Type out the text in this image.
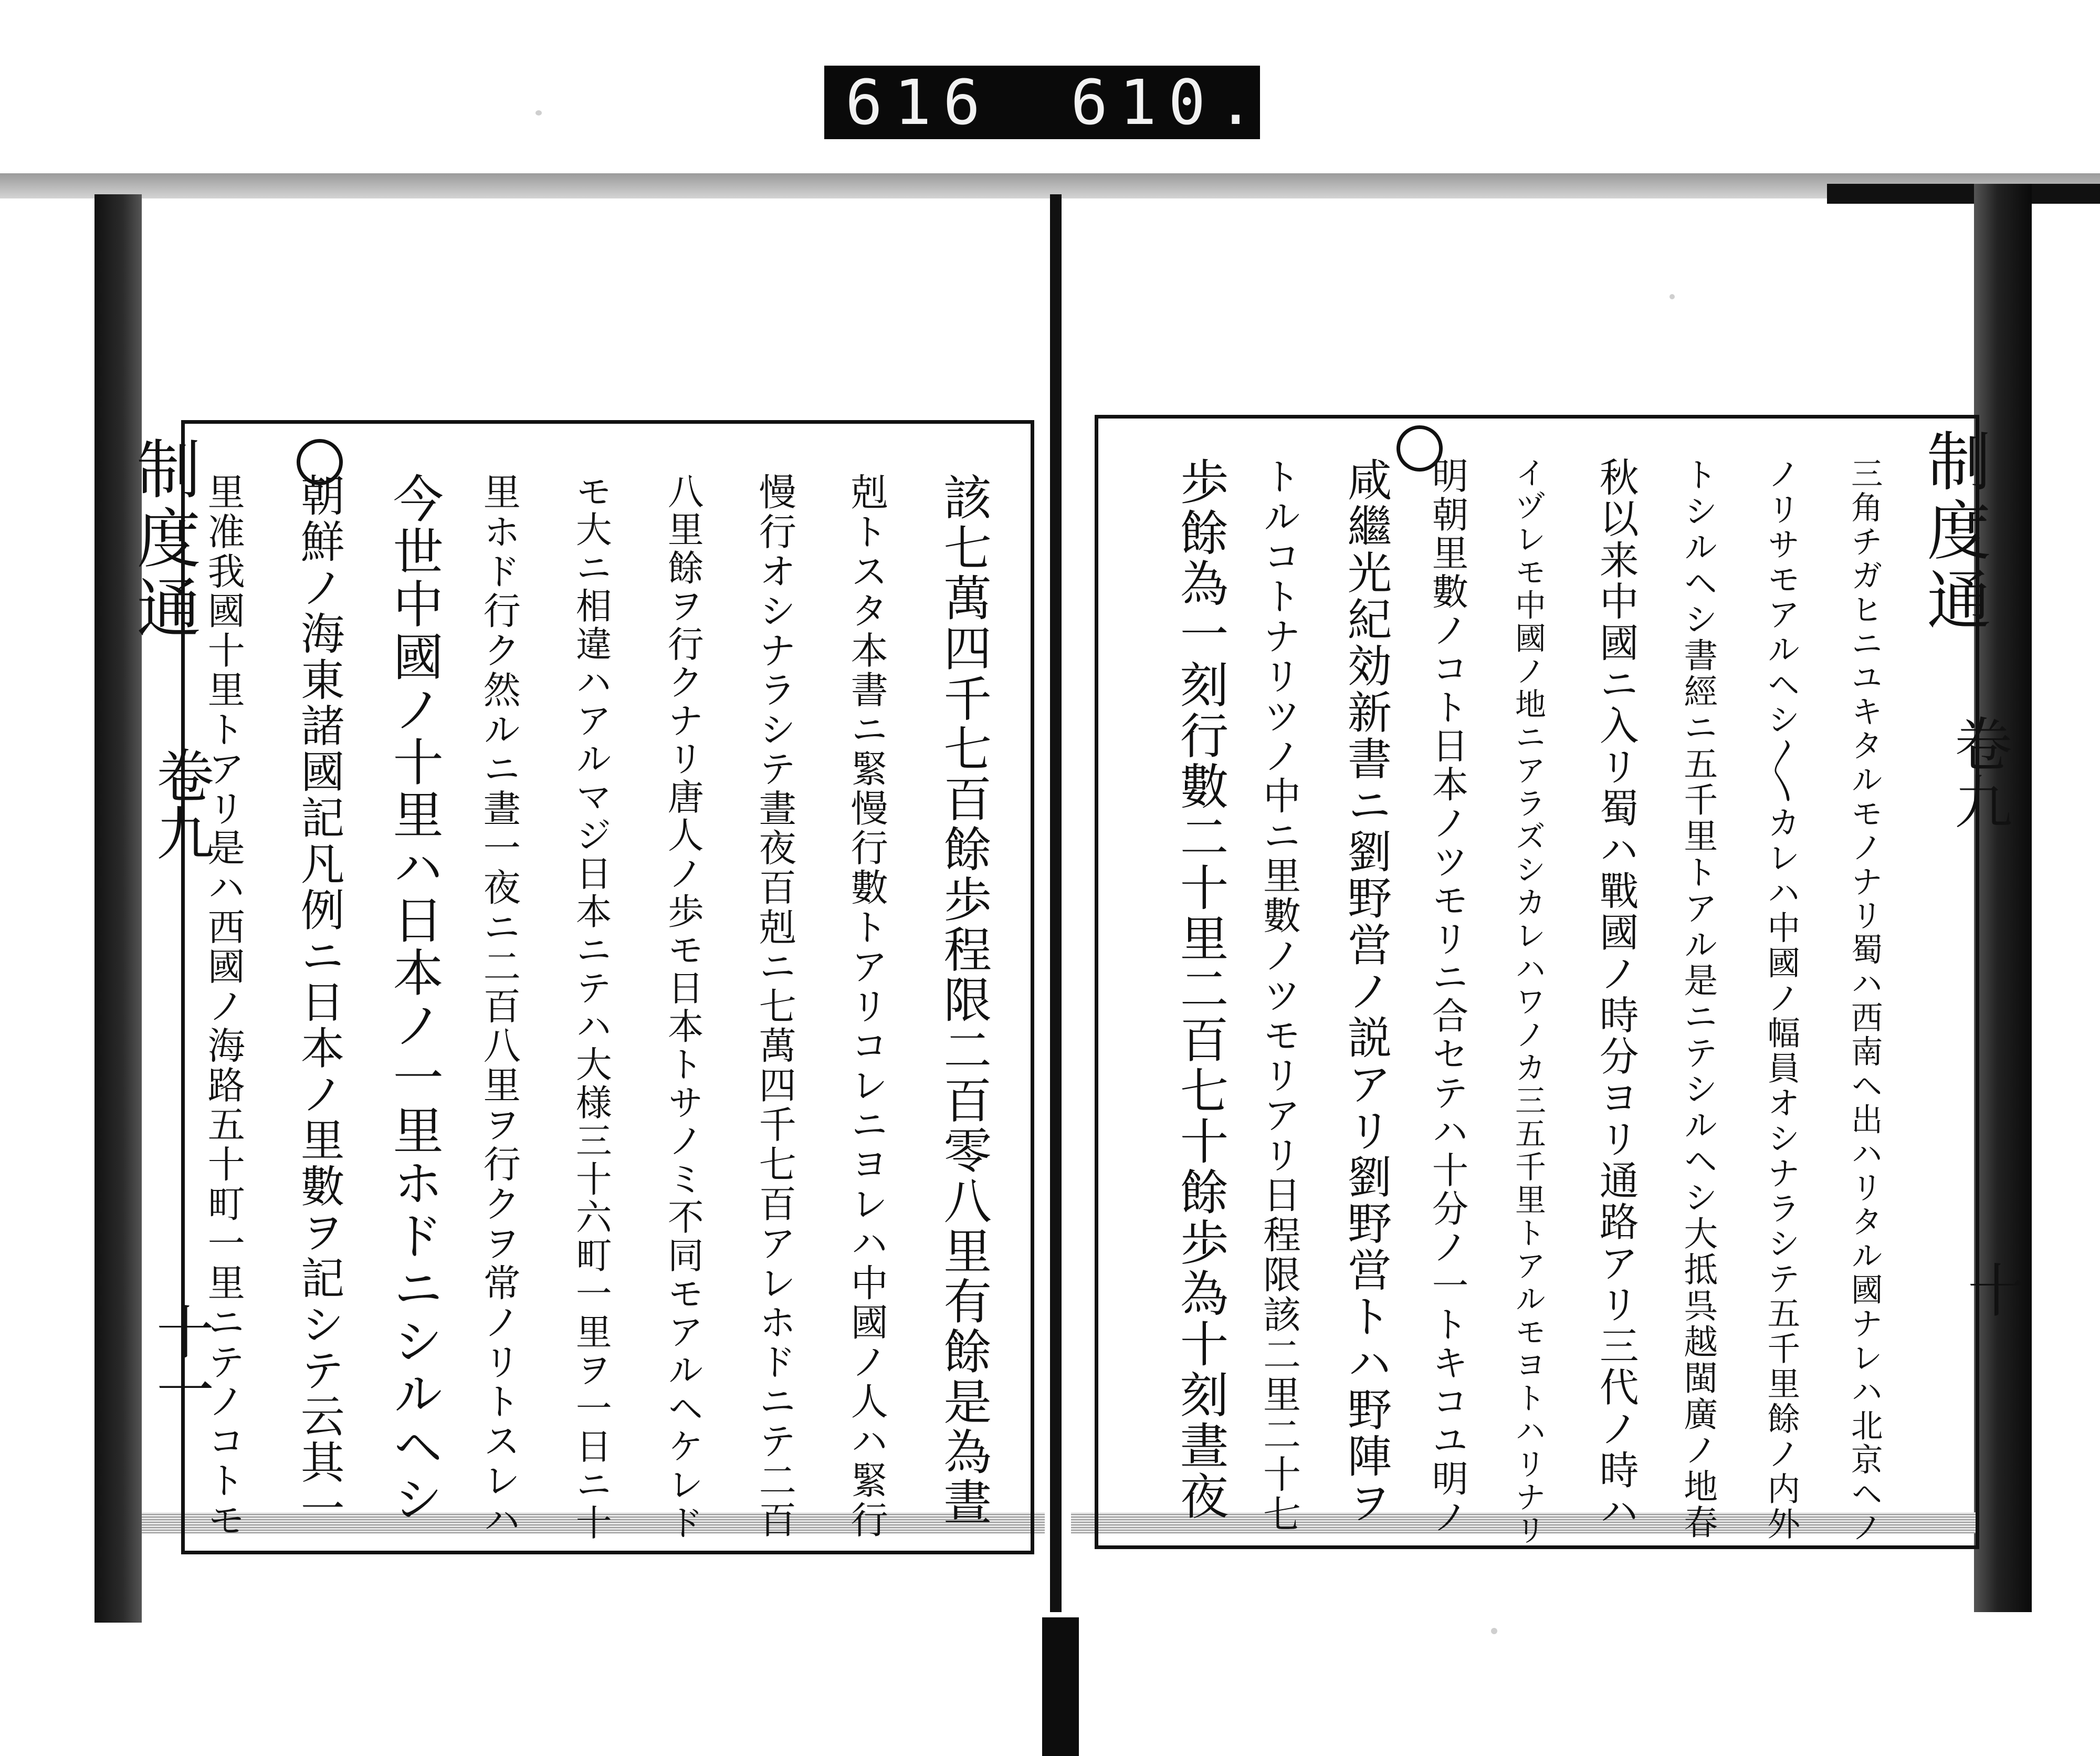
616 610.
制度通
卷九
十一	該七萬四千七百餘歩程限二百零八里有餘是為晝
剋トスタ本書ニ緊慢行數トアリコレニヨレハ中國ノ人ハ緊行
慢行オシナラシテ晝夜百剋ニ七萬四千七百アレホドニテ二百
八里餘ヲ行クナリ唐人ノ歩モ日本トサノミ不同モアルヘケレド
モ大ニ相違ハアルマジ日本ニテハ大様三十六町一里ヲ一日ニ十
里ホド行ク然ルニ晝一夜ニ二百八里ヲ行クヲ常ノリトスレハ
今世中國ノ十里ハ日本ノ一里ホドニシルヘシ
朝鮮ノ海東諸國記凡例ニ日本ノ里數ヲ記シテ云其一
里准我國十里トアリ是ハ西國ノ海路五十町一里ニテノコトモ	制度通
卷九
十
三角チガヒニユキタルモノナリ蜀ハ西南ヘ出ハリタル國ナレハ北京ヘノ
ノリサモアルヘシ〳〵カレハ中國ノ幅員オシナラシテ五千里餘ノ内外
トシルヘシ書經ニ五千里トアル是ニテシルヘシ大抵呉越閩廣ノ地春
秋以来中國ニ入リ蜀ハ戰國ノ時分ヨリ通路アリ三代ノ時ハ
イヅレモ中國ノ地ニアラズシカレハワノカ三五千里トアルモヨトハリナリ
明朝里數ノコト日本ノツモリニ合セテハ十分ノ一トキコユ明ノ
咸繼光紀効新書ニ劉野営ノ説アリ劉野営トハ野陣ヲ
トルコトナリツノ中ニ里數ノツモリアリ日程限該二里二十七
歩餘為一刻行數二十里二百七十餘歩為十刻晝夜
